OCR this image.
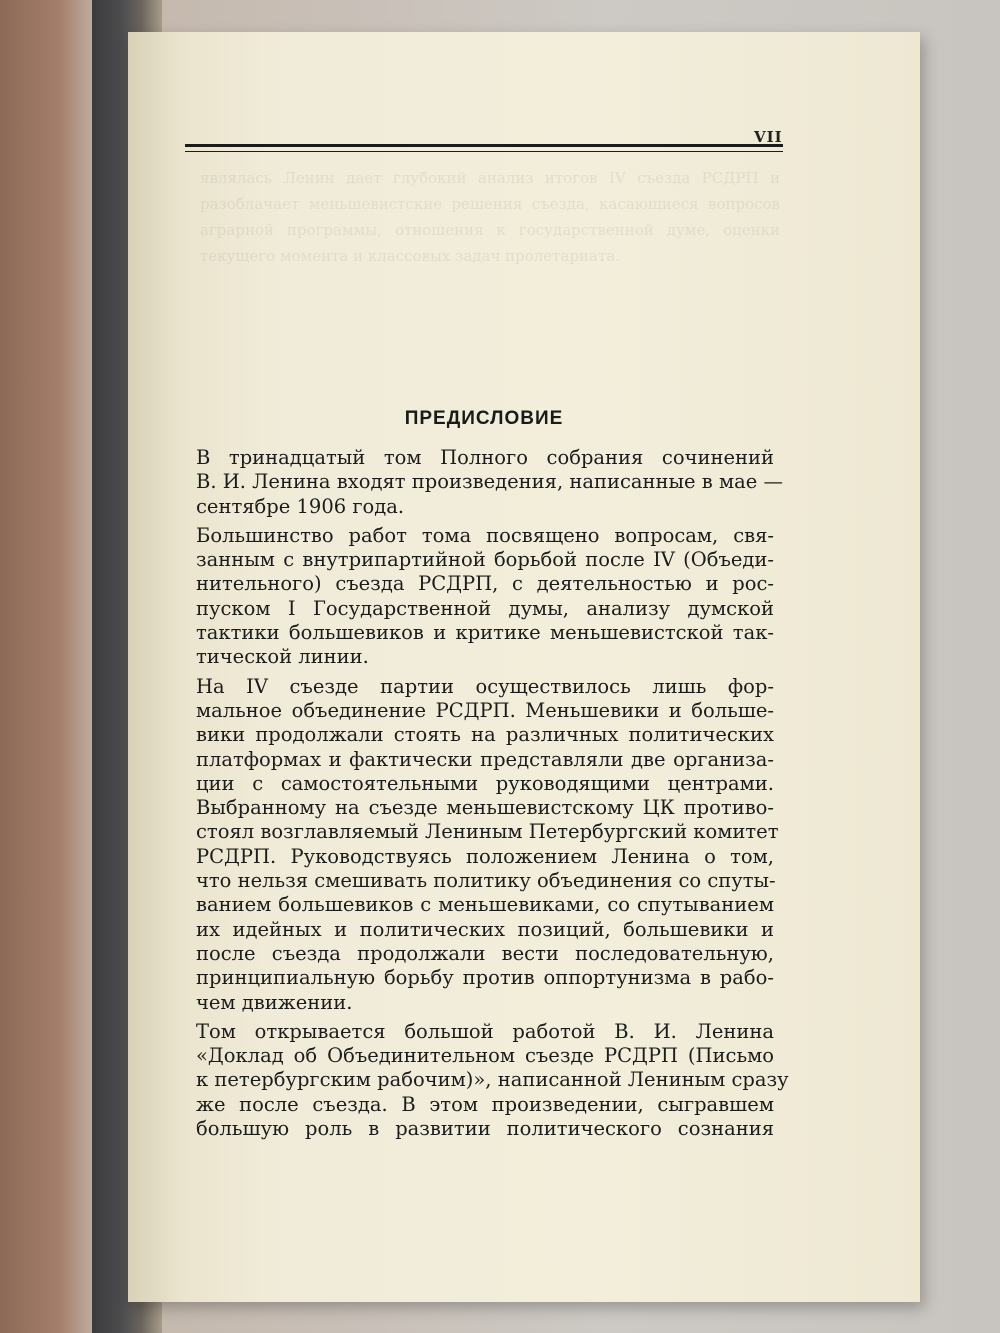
являлась Ленин дает глубокий анализ итогов IV съезда РСДРП и разоблачает меньшевистские решения съезда, касающиеся вопросов аграрной программы, отношения к государственной думе, оценки текущего момента и классовых задач пролетариата.
VII
ПРЕДИСЛОВИЕ

В тринадцатый том Полного собрания сочинений
В. И. Ленина входят произведения, написанные в мае —
сентябре 1906 года.

Большинство работ тома посвящено вопросам, свя-
занным с внутрипартийной борьбой после IV (Объеди-
нительного) съезда РСДРП, с деятельностью и рос-
пуском I Государственной думы, анализу думской
тактики большевиков и критике меньшевистской так-
тической линии.

На IV съезде партии осуществилось лишь фор-
мальное объединение РСДРП. Меньшевики и больше-
вики продолжали стоять на различных политических
платформах и фактически представляли две организа-
ции с самостоятельными руководящими центрами.
Выбранному на съезде меньшевистскому ЦК противо-
стоял возглавляемый Лениным Петербургский комитет
РСДРП. Руководствуясь положением Ленина о том,
что нельзя смешивать политику объединения со спуты-
ванием большевиков с меньшевиками, со спутыванием
их идейных и политических позиций, большевики и
после съезда продолжали вести последовательную,
принципиальную борьбу против оппортунизма в рабо-
чем движении.

Том открывается большой работой В. И. Ленина
«Доклад об Объединительном съезде РСДРП (Письмо
к петербургским рабочим)», написанной Лениным сразу
же после съезда. В этом произведении, сыгравшем
большую роль в развитии политического сознания
